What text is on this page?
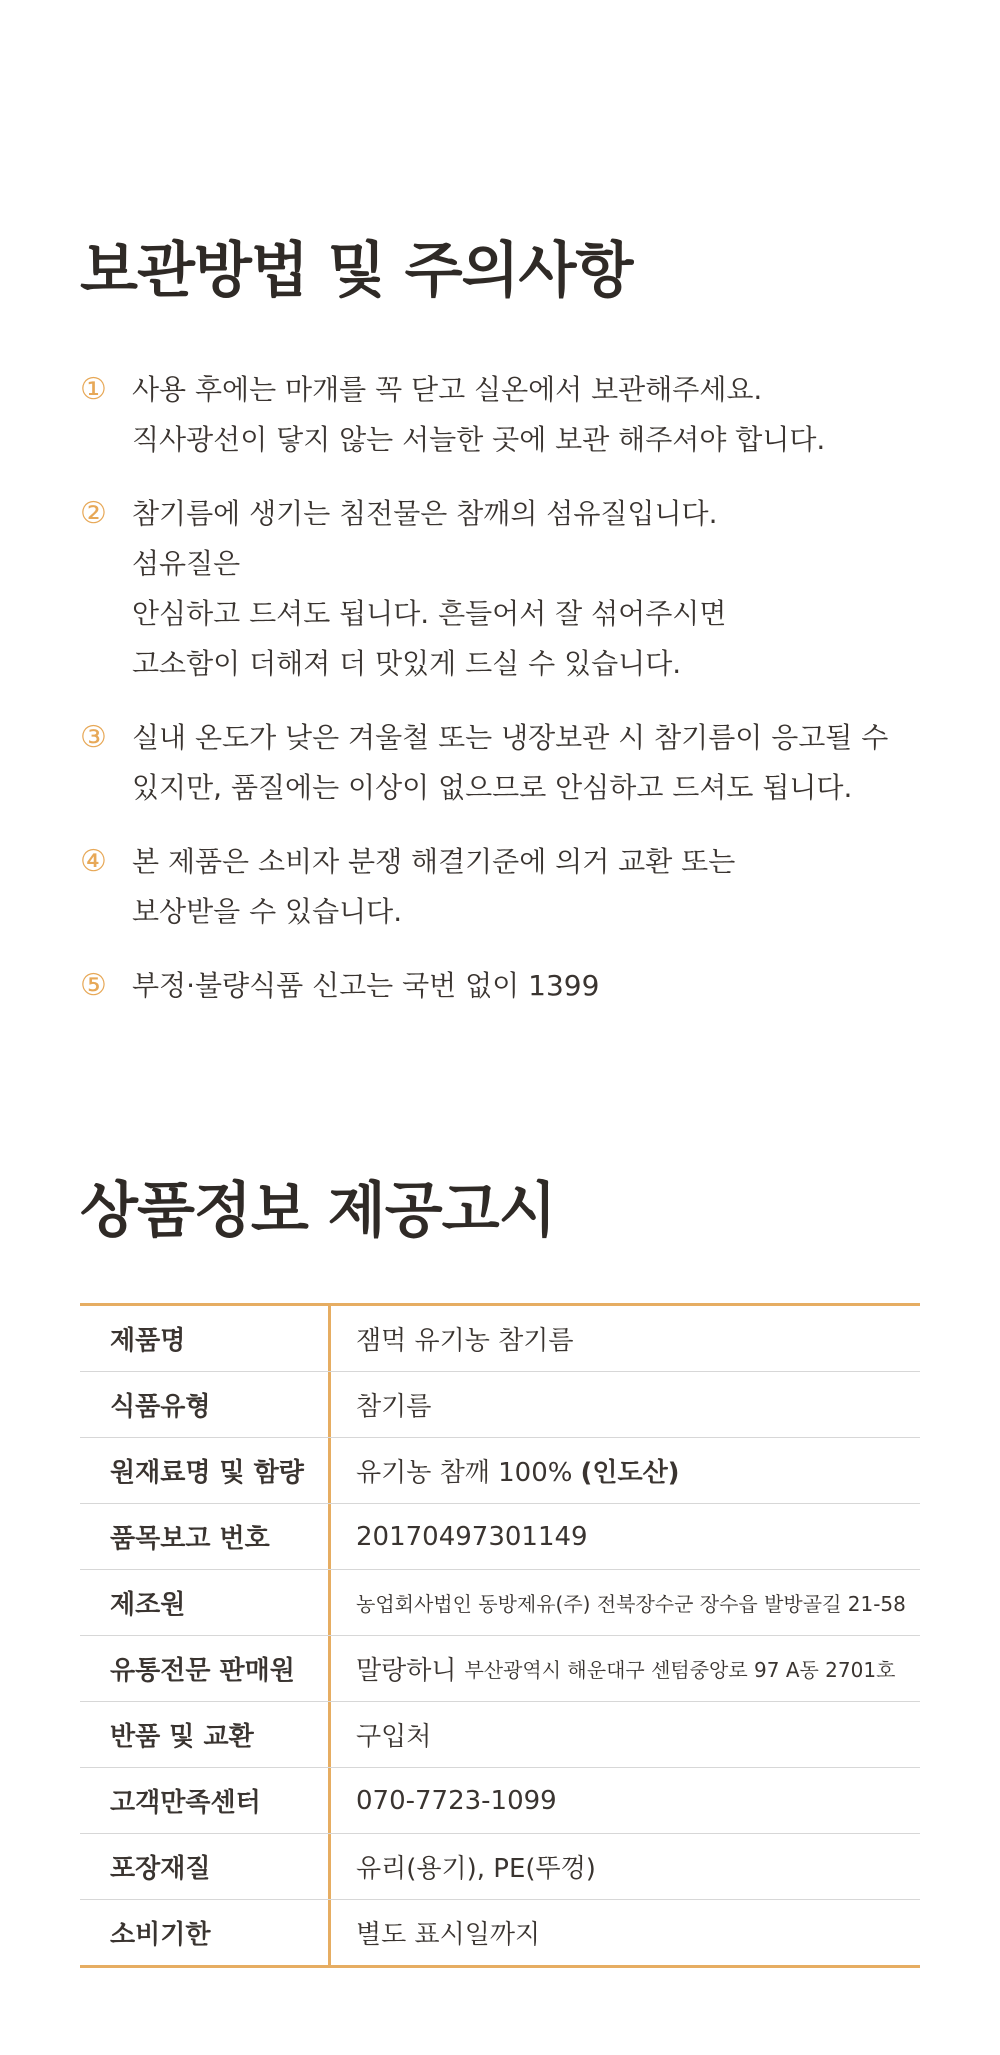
보관방법 및 주의사항
① 사용 후에는 마개를 꼭 닫고 실온에서 보관해주세요.
직사광선이 닿지 않는 서늘한 곳에 보관 해주셔야 합니다.
② 참기름에 생기는 침전물은 참깨의 섬유질입니다.
섬유질은
안심하고 드셔도 됩니다. 흔들어서 잘 섞어주시면
고소함이 더해져 더 맛있게 드실 수 있습니다.
③ 실내 온도가 낮은 겨울철 또는 냉장보관 시 참기름이 응고될 수
있지만, 품질에는 이상이 없으므로 안심하고 드셔도 됩니다.
④ 본 제품은 소비자 분쟁 해결기준에 의거 교환 또는
보상받을 수 있습니다.
⑤ 부정·불량식품 신고는 국번 없이 1399
상품정보 제공고시
제품명	잼먹 유기농 참기름
식품유형	참기름
원재료명 및 함량	유기농 참깨 100% (인도산)
품목보고 번호	20170497301149
제조원	농업회사법인 동방제유(주) 전북장수군 장수읍 발방골길 21-58
유통전문 판매원	말랑하니 부산광역시 해운대구 센텀중앙로 97 A동 2701호
반품 및 교환	구입처
고객만족센터	070-7723-1099
포장재질	유리(용기), PE(뚜껑)
소비기한	별도 표시일까지
